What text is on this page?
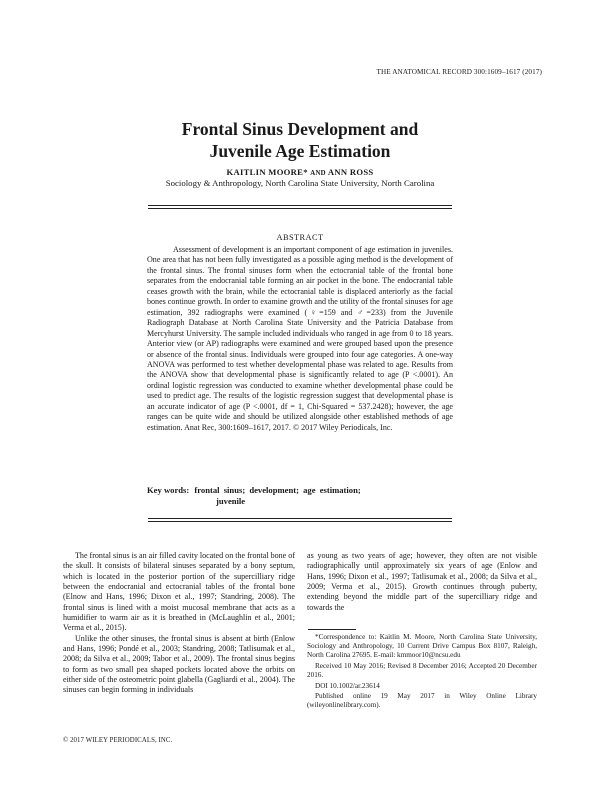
THE ANATOMICAL RECORD 300:1609–1617 (2017)
Frontal Sinus Development and
Juvenile Age Estimation
KAITLIN MOORE* AND ANN ROSS
Sociology & Anthropology, North Carolina State University, North Carolina
ABSTRACT

Assessment of development is an important component of age estimation in juveniles. One area that has not been fully investigated as a possible aging method is the development of the frontal sinus. The frontal sinuses form when the ectocranial table of the frontal bone separates from the endocranial table forming an air pocket in the bone. The endocranial table ceases growth with the brain, while the ectocranial table is displaced anteriorly as the facial bones continue growth. In order to examine growth and the utility of the frontal sinuses for age estimation, 392 radiographs were examined (♀=159 and ♂=233) from the Juvenile Radiograph Database at North Carolina State University and the Patricia Database from Mercyhurst University. The sample included individuals who ranged in age from 0 to 18 years. Anterior view (or AP) radiographs were examined and were grouped based upon the presence or absence of the frontal sinus. Individuals were grouped into four age categories. A one-way ANOVA was performed to test whether developmental phase was related to age. Results from the ANOVA show that developmental phase is significantly related to age (P <.0001). An ordinal logistic regression was conducted to examine whether developmental phase could be used to predict age. The results of the logistic regression suggest that developmental phase is an accurate indicator of age (P <.0001, df = 1, Chi-Squared = 537.2428); however, the age ranges can be quite wide and should be utilized alongside other established methods of age estimation. Anat Rec, 300:1609–1617, 2017. © 2017 Wiley Periodicals, Inc.

Key words: frontal sinus; development; age estimation;
juvenile

The frontal sinus is an air filled cavity located on the frontal bone of the skull. It consists of bilateral sinuses separated by a bony septum, which is located in the posterior portion of the supercilliary ridge between the endocranial and ectocranial tables of the frontal bone (Elnow and Hans, 1996; Dixon et al., 1997; Standring, 2008). The frontal sinus is lined with a moist mucosal membrane that acts as a humidifier to warm air as it is breathed in (McLaughlin et al., 2001; Verma et al., 2015).

Unlike the other sinuses, the frontal sinus is absent at birth (Enlow and Hans, 1996; Pondé et al., 2003; Standring, 2008; Tatlisumak et al., 2008; da Silva et al., 2009; Tabor et al., 2009). The frontal sinus begins to form as two small pea shaped pockets located above the orbits on either side of the osteometric point glabella (Gagliardi et al., 2004). The sinuses can begin forming in individuals

as young as two years of age; however, they often are not visible radiographically until approximately six years of age (Enlow and Hans, 1996; Dixon et al., 1997; Tatlisumak et al., 2008; da Silva et al., 2009; Verma et al., 2015). Growth continues through puberty, extending beyond the middle part of the supercilliary ridge and towards the

*Correspondence to: Kaitlin M. Moore, North Carolina State University, Sociology and Anthropology, 10 Current Drive Campus Box 8107, Raleigh, North Carolina 27695. E-mail: kmmoor10@ncsu.edu

Received 10 May 2016; Revised 8 December 2016; Accepted 20 December 2016.

DOI 10.1002/ar.23614

Published online 19 May 2017 in Wiley Online Library (wileyonlinelibrary.com).

© 2017 WILEY PERIODICALS, INC.
